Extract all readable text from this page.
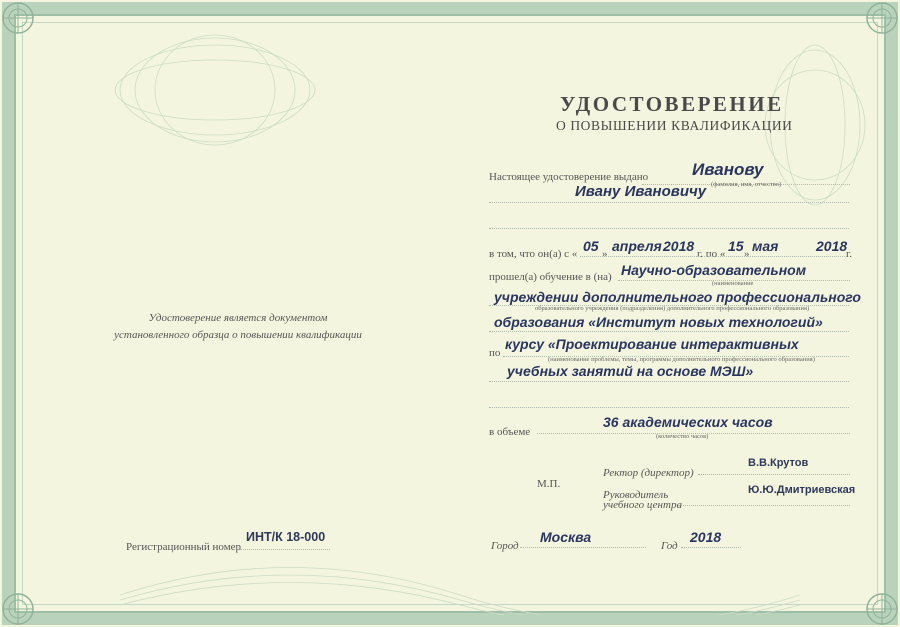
УДОСТОВЕРЕНИЕ
О ПОВЫШЕНИИ КВАЛИФИКАЦИИ
Настоящее удостоверение выдано	Иванову
(фамилия, имя, отчество)
Ивану Ивановичу
в том, что он(а) с « 05 » апреля 2018 г. по « 15 » мая	2018
г.
прошел(а) обучение в (на) Научно-образовательном
(наименование
учреждении дополнительного профессионального
образовательного учреждения (подразделения) дополнительного профессионального образования)
образования «Институт новых технологий»
по
курсу «Проектирование интерактивных
(наименование проблемы, темы, программы дополнительного профессионального образования)
учебных занятий на основе МЭШ»
в объеме
36 академических часов
(количество часов)
Ректор (директор)
В.В.Крутов
М.П.
Руководитель
учебного центра
Ю.Ю.Дмитриевская
Город
Москва
Год
2018
Удостоверение является документом
установленного образца о повышении квалификации
Регистрационный номер
ИНТ/К 18-000
